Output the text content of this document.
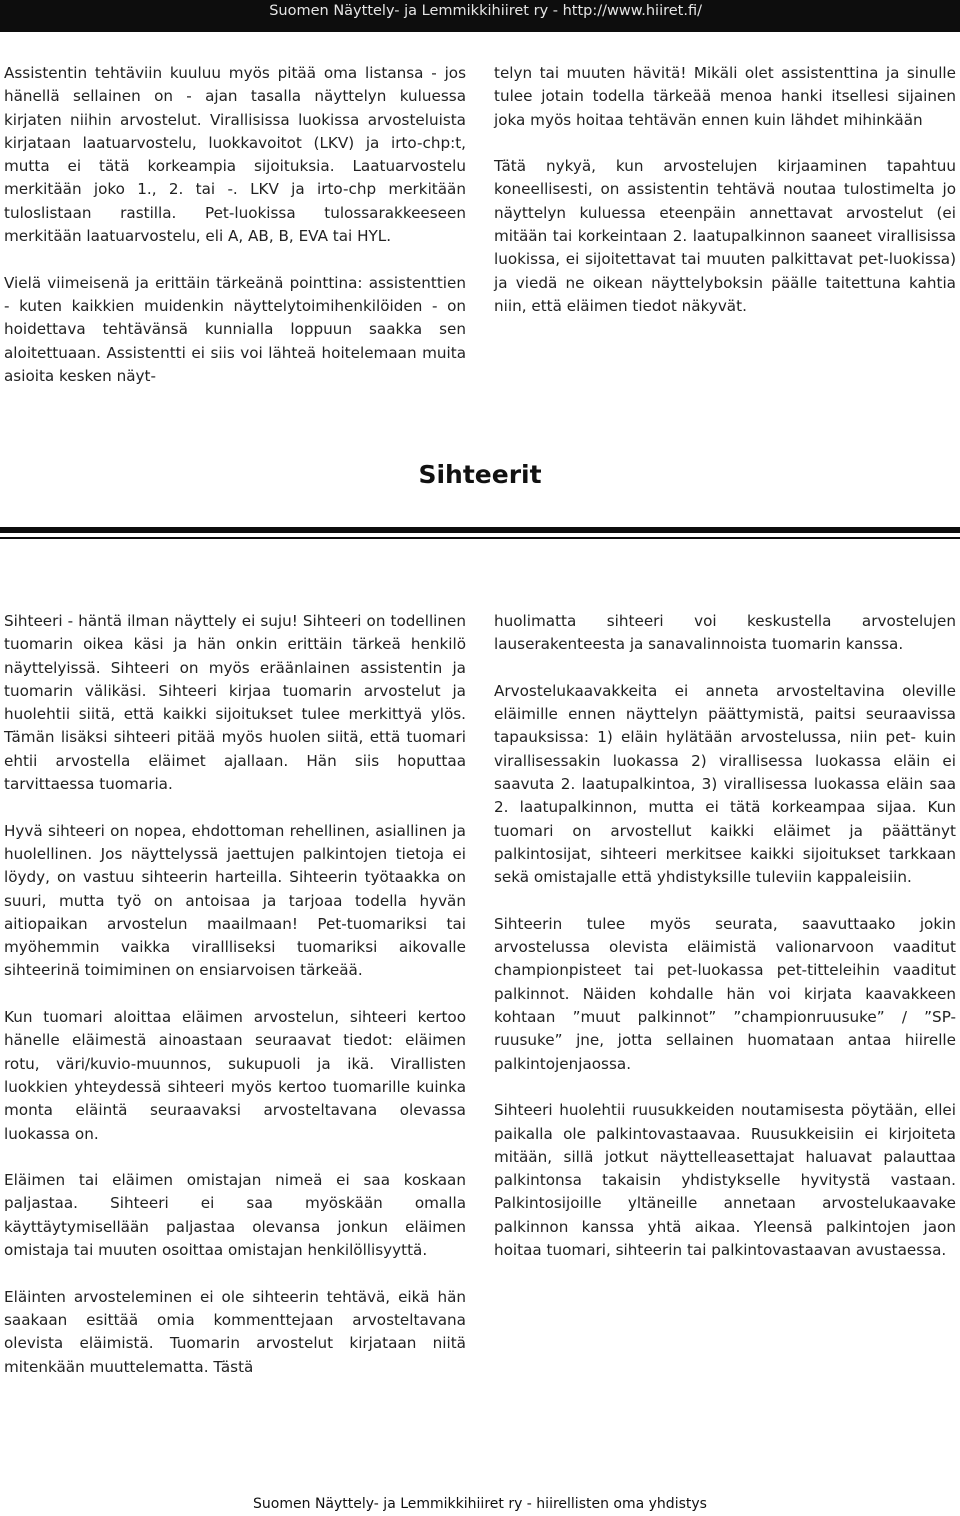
Suomen Näyttely- ja Lemmikkihiiret ry - http://www.hiiret.fi/

Assistentin tehtäviin kuuluu myös pitää oma listansa - jos hänellä sellainen on - ajan tasalla näyttelyn kuluessa kirjaten niihin arvostelut. Virallisissa luokissa arvosteluista kirjataan laatuarvostelu, luokkavoitot (LKV) ja irto-chp:t, mutta ei tätä korkeampia sijoituksia. Laatuarvostelu merkitään joko 1., 2. tai -. LKV ja irto-chp merkitään tuloslistaan rastilla. Pet-luokissa tulossarakkeeseen merkitään laatuarvostelu, eli A, AB, B, EVA tai HYL.

Vielä viimeisenä ja erittäin tärkeänä pointtina: assistenttien - kuten kaikkien muidenkin näyttelytoimihenkilöiden - on hoidettava tehtävänsä kunnialla loppuun saakka sen aloitettuaan. Assistentti ei siis voi lähteä hoitelemaan muita asioita kesken näyt-

telyn tai muuten hävitä! Mikäli olet assistenttina ja sinulle tulee jotain todella tärkeää menoa hanki itsellesi sijainen joka myös hoitaa tehtävän ennen kuin lähdet mihinkään

Tätä nykyä, kun arvostelujen kirjaaminen tapahtuu koneellisesti, on assistentin tehtävä noutaa tulostimelta jo näyttelyn kuluessa eteenpäin annettavat arvostelut (ei mitään tai korkeintaan 2. laatupalkinnon saaneet virallisissa luokissa, ei sijoitettavat tai muuten palkittavat pet-luokissa) ja viedä ne oikean näyttelyboksin päälle taitettuna kahtia niin, että eläimen tiedot näkyvät.

Sihteerit

Sihteeri - häntä ilman näyttely ei suju! Sihteeri on todellinen tuomarin oikea käsi ja hän onkin erittäin tärkeä henkilö näyttelyissä. Sihteeri on myös eräänlainen assistentin ja tuomarin välikäsi. Sihteeri kirjaa tuomarin arvostelut ja huolehtii siitä, että kaikki sijoitukset tulee merkittyä ylös. Tämän lisäksi sihteeri pitää myös huolen siitä, että tuomari ehtii arvostella eläimet ajallaan. Hän siis hoputtaa tarvittaessa tuomaria.

Hyvä sihteeri on nopea, ehdottoman rehellinen, asiallinen ja huolellinen. Jos näyttelyssä jaettujen palkintojen tietoja ei löydy, on vastuu sihteerin harteilla. Sihteerin työtaakka on suuri, mutta työ on antoisaa ja tarjoaa todella hyvän aitiopaikan arvostelun maailmaan! Pet-tuomariksi tai myöhemmin vaikka virallliseksi tuomariksi aikovalle sihteerinä toimiminen on ensiarvoisen tärkeää.

Kun tuomari aloittaa eläimen arvostelun, sihteeri kertoo hänelle eläimestä ainoastaan seuraavat tiedot: eläimen rotu, väri/kuvio-muunnos, sukupuoli ja ikä. Virallisten luokkien yhteydessä sihteeri myös kertoo tuomarille kuinka monta eläintä seuraavaksi arvosteltavana olevassa luokassa on.

Eläimen tai eläimen omistajan nimeä ei saa koskaan paljastaa. Sihteeri ei saa myöskään omalla käyttäytymisellään paljastaa olevansa jonkun eläimen omistaja tai muuten osoittaa omistajan henkilöllisyyttä.

Eläinten arvosteleminen ei ole sihteerin tehtävä, eikä hän saakaan esittää omia kommenttejaan arvosteltavana olevista eläimistä. Tuomarin arvostelut kirjataan niitä mitenkään muuttelematta. Tästä

huolimatta sihteeri voi keskustella arvostelujen lauserakenteesta ja sanavalinnoista tuomarin kanssa.

Arvostelukaavakkeita ei anneta arvosteltavina oleville eläimille ennen näyttelyn päättymistä, paitsi seuraavissa tapauksissa: 1) eläin hylätään arvostelussa, niin pet- kuin virallisessakin luokassa 2) virallisessa luokassa eläin ei saavuta 2. laatupalkintoa, 3) virallisessa luokassa eläin saa 2. laatupalkinnon, mutta ei tätä korkeampaa sijaa. Kun tuomari on arvostellut kaikki eläimet ja päättänyt palkintosijat, sihteeri merkitsee kaikki sijoitukset tarkkaan sekä omistajalle että yhdistyksille tuleviin kappaleisiin.

Sihteerin tulee myös seurata, saavuttaako jokin arvostelussa olevista eläimistä valionarvoon vaaditut championpisteet tai pet-luokassa pet-titteleihin vaaditut palkinnot. Näiden kohdalle hän voi kirjata kaavakkeen kohtaan ”muut palkinnot” ”championruusuke” / ”SP-ruusuke” jne, jotta sellainen huomataan antaa hiirelle palkintojenjaossa.

Sihteeri huolehtii ruusukkeiden noutamisesta pöytään, ellei paikalla ole palkintovastaavaa. Ruusukkeisiin ei kirjoiteta mitään, sillä jotkut näyttelleasettajat haluavat palauttaa palkintonsa takaisin yhdistykselle hyvitystä vastaan. Palkintosijoille yltäneille annetaan arvostelukaavake palkinnon kanssa yhtä aikaa. Yleensä palkintojen jaon hoitaa tuomari, sihteerin tai palkintovastaavan avustaessa.

Suomen Näyttely- ja Lemmikkihiiret ry - hiirellisten oma yhdistys
